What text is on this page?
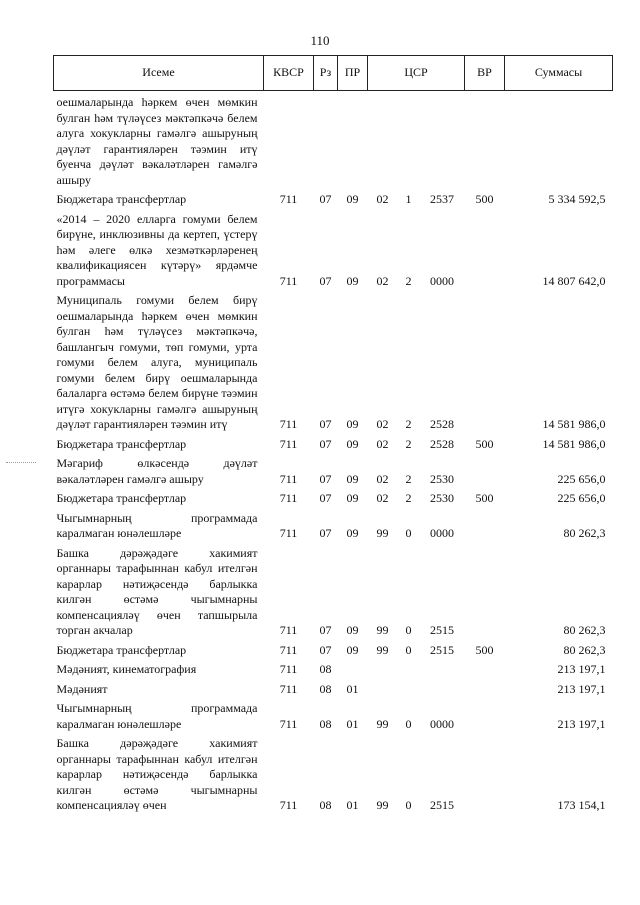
110
Исеме	КВСР	Рз	ПР	ЦСР			ВР	Суммасы
оешмаларында һәркем өчен мөмкин булган һәм түләүсез мәктәпкәчә белем алуга хокукларны гамәлгә ашыруның дәүләт гарантияләрен тәэмин итү буенча дәүләт вәкаләтләрен гамәлгә ашыру								
Бюджетара трансфертлар	711	07	09	02	1	2537	500	5 334 592,5
«2014 – 2020 елларга гомуми белем бирүне, инклюзивны да кертеп, үстерү һәм әлеге өлкә хезмәткәрләренең квалификациясен күтәрү» ярдәмче программасы	711	07	09	02	2	0000		14 807 642,0
Муниципаль гомуми белем бирү оешмаларында һәркем өчен мөмкин булган һәм түләүсез мәктәпкәчә, башлангыч гомуми, төп гомуми, урта гомуми белем алуга, муниципаль гомуми белем бирү оешмаларында балаларга өстәмә белем бирүне тәэмин итүгә хокукларны гамәлгә ашыруның дәүләт гарантияләрен тәэмин итү	711	07	09	02	2	2528		14 581 986,0
Бюджетара трансфертлар	711	07	09	02	2	2528	500	14 581 986,0
Мәгариф өлкәсендә дәүләт вәкаләтләрен гамәлгә ашыру	711	07	09	02	2	2530		225 656,0
Бюджетара трансфертлар	711	07	09	02	2	2530	500	225 656,0
Чыгымнарның программада каралмаган юнәлешләре	711	07	09	99	0	0000		80 262,3
Башка дәрәҗәдәге хакимият органнары тарафыннан кабул ителгән карарлар нәтиҗәсендә барлыкка килгән өстәмә чыгымнарны компенсацияләү өчен тапшырыла торган акчалар	711	07	09	99	0	2515		80 262,3
Бюджетара трансфертлар	711	07	09	99	0	2515	500	80 262,3
Мәдәният, кинематография	711	08						213 197,1
Мәдәният	711	08	01					213 197,1
Чыгымнарның программада каралмаган юнәлешләре	711	08	01	99	0	0000		213 197,1
Башка дәрәҗәдәге хакимият органнары тарафыннан кабул ителгән карарлар нәтиҗәсендә барлыкка килгән өстәмә чыгымнарны компенсацияләү өчен	711	08	01	99	0	2515		173 154,1
